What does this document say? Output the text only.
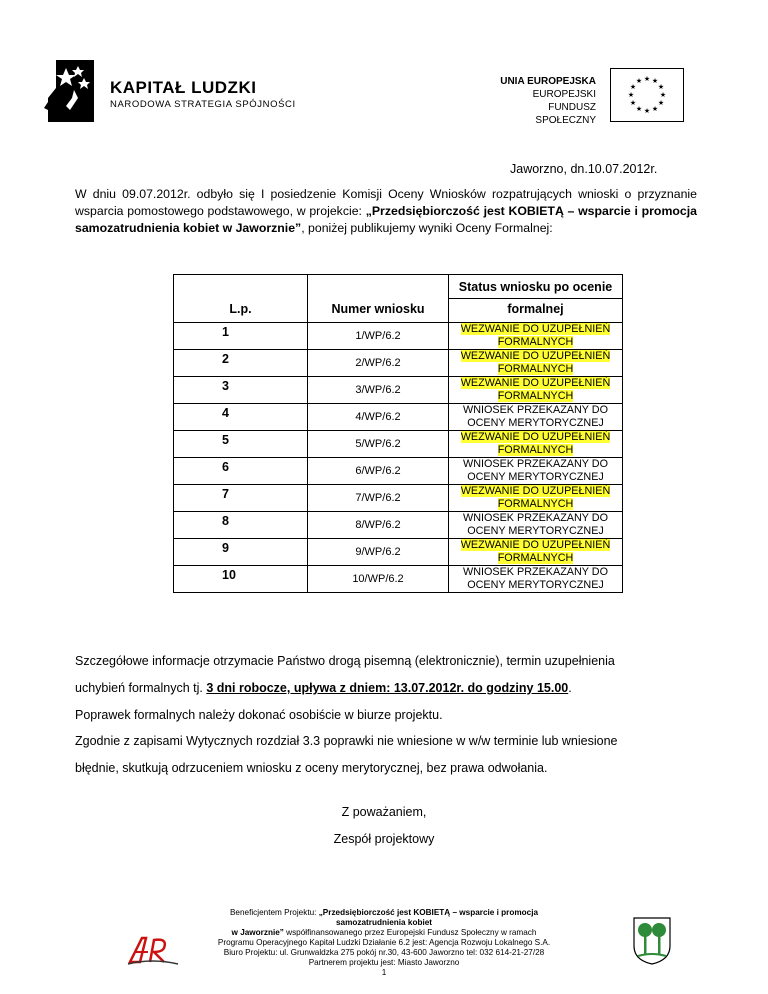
KAPITAŁ LUDZKI
NARODOWA STRATEGIA SPÓJNOŚCI
UNIA EUROPEJSKA
EUROPEJSKI
FUNDUSZ SPOŁECZNY
★ ★
★
★
★
★
★
★
★
★
★
★
Jaworzno, dn.10.07.2012r.
W dniu 09.07.2012r. odbyło się I posiedzenie Komisji Oceny Wniosków rozpatrujących wnioski o przyznanie wsparcia pomostowego podstawowego, w projekcie: „Przedsiębiorczość jest KOBIETĄ – wsparcie i promocja samozatrudnienia kobiet w Jaworznie”, poniżej publikujemy wyniki Oceny Formalnej:
L.p.	Numer wniosku	Status wniosku po ocenie
		formalnej
1	1/WP/6.2	WEZWANIE DO UZUPEŁNIEŃ
FORMALNYCH
2	2/WP/6.2	WEZWANIE DO UZUPEŁNIEŃ
FORMALNYCH
3	3/WP/6.2	WEZWANIE DO UZUPEŁNIEŃ
FORMALNYCH
4	4/WP/6.2	WNIOSEK PRZEKAZANY DO
OCENY MERYTORYCZNEJ
5	5/WP/6.2	WEZWANIE DO UZUPEŁNIEŃ
FORMALNYCH
6	6/WP/6.2	WNIOSEK PRZEKAZANY DO
OCENY MERYTORYCZNEJ
7	7/WP/6.2	WEZWANIE DO UZUPEŁNIEŃ
FORMALNYCH
8	8/WP/6.2	WNIOSEK PRZEKAZANY DO
OCENY MERYTORYCZNEJ
9	9/WP/6.2	WEZWANIE DO UZUPEŁNIEŃ
FORMALNYCH
10	10/WP/6.2	WNIOSEK PRZEKAZANY DO
OCENY MERYTORYCZNEJ
Szczegółowe informacje otrzymacie Państwo drogą pisemną (elektronicznie), termin uzupełnienia
uchybień formalnych tj. 3 dni robocze, upływa z dniem: 13.07.2012r. do godziny 15.00.
Poprawek formalnych należy dokonać osobiście w biurze projektu.
Zgodnie z zapisami Wytycznych rozdział 3.3 poprawki nie wniesione w w/w terminie lub wniesione
błędnie, skutkują odrzuceniem wniosku z oceny merytorycznej, bez prawa odwołania.
Z poważaniem,
Zespół projektowy
Beneficjentem Projektu: „Przedsiębiorczość jest KOBIETĄ – wsparcie i promocja samozatrudnienia kobiet
w Jaworznie” współfinansowanego przez Europejski Fundusz Społeczny w ramach
Programu Operacyjnego Kapitał Ludzki Działanie 6.2 jest: Agencja Rozwoju Lokalnego S.A.
Biuro Projektu: ul. Grunwaldzka 275 pokój nr.30, 43-600 Jaworzno tel: 032 614-21-27/28
Partnerem projektu jest: Miasto Jaworzno
1
